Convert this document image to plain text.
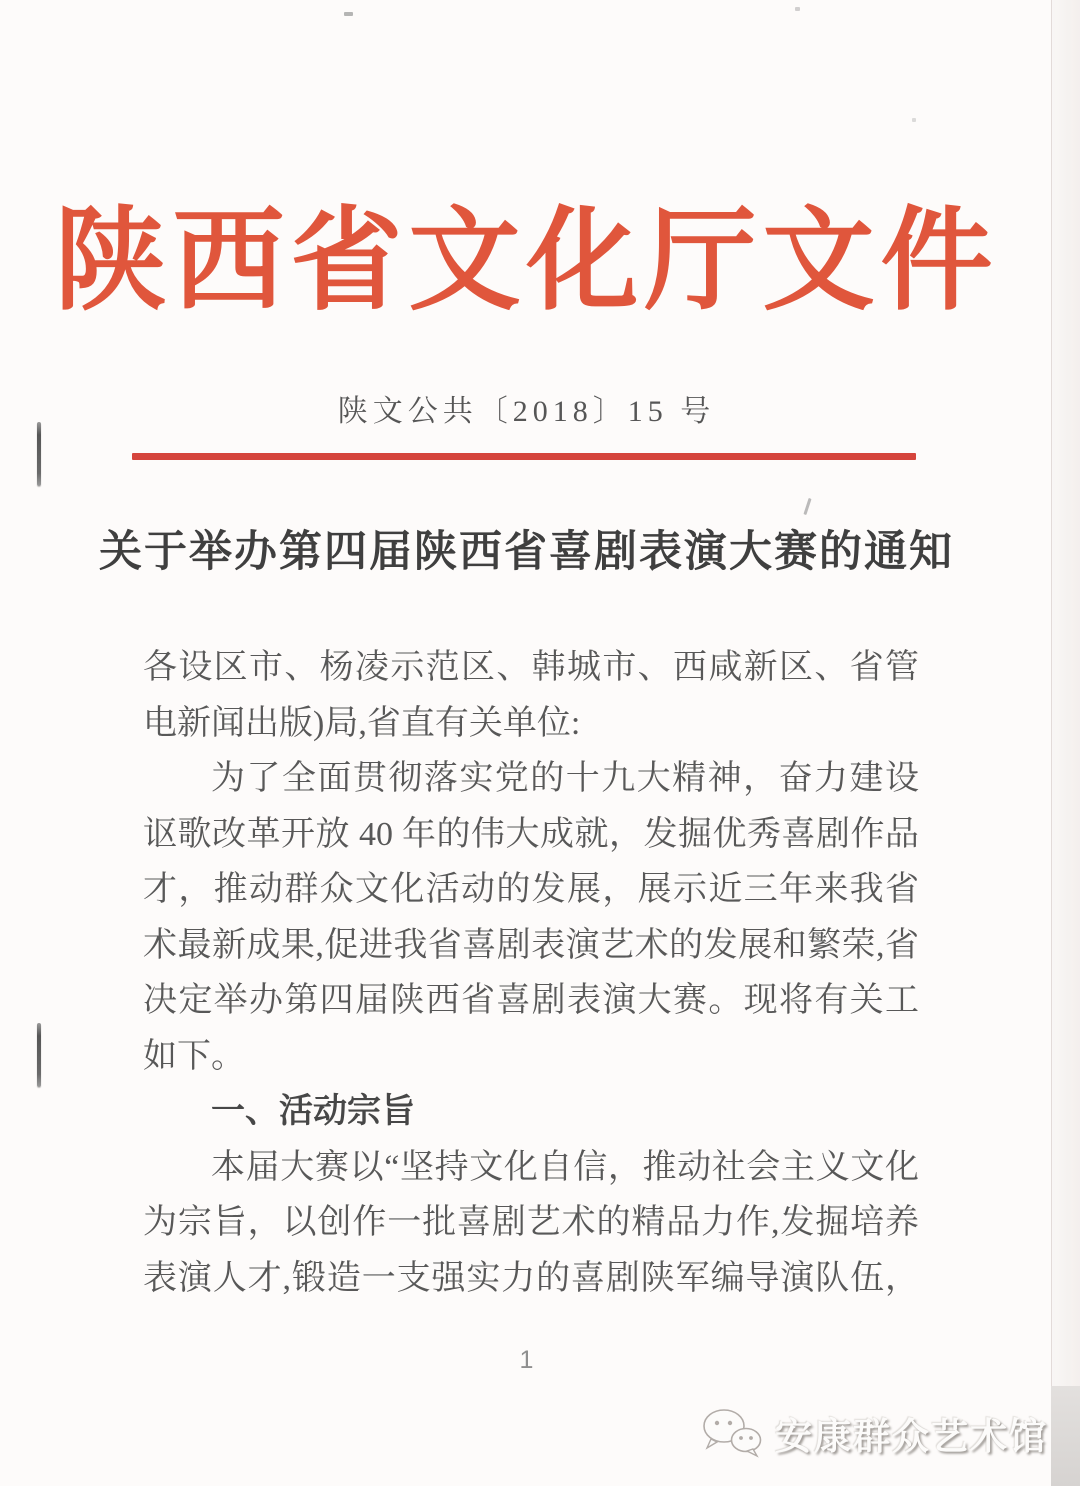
陕西省文化厅文件
陕文公共〔2018〕15 号
关于举办第四届陕西省喜剧表演大赛的通知
各设区市、杨凌示范区、韩城市、西咸新区、省管
电新闻出版)局,省直有关单位:
为了全面贯彻落实党的十九大精神，奋力建设
讴歌改革开放 40 年的伟大成就，发掘优秀喜剧作品
才，推动群众文化活动的发展，展示近三年来我省
术最新成果,促进我省喜剧表演艺术的发展和繁荣,省
决定举办第四届陕西省喜剧表演大赛。现将有关工
如下。
一、活动宗旨
本届大赛以“坚持文化自信，推动社会主义文化
为宗旨，以创作一批喜剧艺术的精品力作,发掘培养
表演人才,锻造一支强实力的喜剧陕军编导演队伍，
1
安康群众艺术馆
